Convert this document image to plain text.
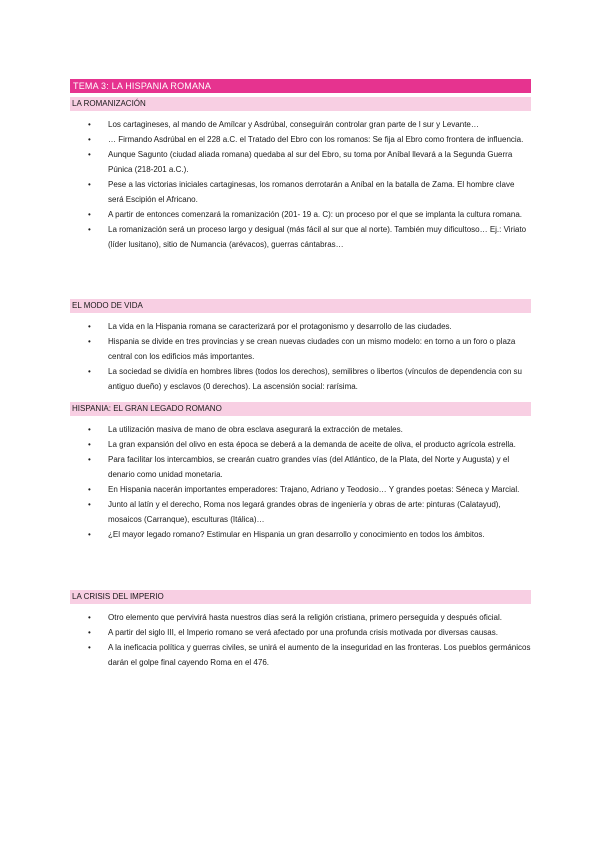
TEMA 3: LA HISPANIA ROMANA
LA ROMANIZACIÓN
• Los cartagineses, al mando de Amílcar y Asdrúbal, conseguirán controlar gran parte de l sur y Levante…
• … Firmando Asdrúbal en el 228 a.C. el Tratado del Ebro con los romanos: Se fija al Ebro como frontera de influencia.
• Aunque Sagunto (ciudad aliada romana) quedaba al sur del Ebro, su toma por Aníbal llevará a la Segunda Guerra Púnica (218-201 a.C.).
• Pese a las victorias iniciales cartaginesas, los romanos derrotarán a Aníbal en la batalla de Zama. El hombre clave será Escipión el Africano.
• A partir de entonces comenzará la romanización (201- 19 a. C): un proceso por el que se implanta la cultura romana.
• La romanización será un proceso largo y desigual (más fácil al sur que al norte). También muy dificultoso… Ej.: Viriato (líder lusitano), sitio de Numancia (arévacos), guerras cántabras…
EL MODO DE VIDA
• La vida en la Hispania romana se caracterizará por el protagonismo y desarrollo de las ciudades.
• Hispania se divide en tres provincias y se crean nuevas ciudades con un mismo modelo: en torno a un foro o plaza central con los edificios más importantes.
• La sociedad se dividía en hombres libres (todos los derechos), semilibres o libertos (vínculos de dependencia con su antiguo dueño) y esclavos (0 derechos). La ascensión social: rarísima.
HISPANIA: EL GRAN LEGADO ROMANO
• La utilización masiva de mano de obra esclava asegurará la extracción de metales.
• La gran expansión del olivo en esta época se deberá a la demanda de aceite de oliva, el producto agrícola estrella.
• Para facilitar los intercambios, se crearán cuatro grandes vías (del Atlántico, de la Plata, del Norte y Augusta) y el denario como unidad monetaria.
• En Hispania nacerán importantes emperadores: Trajano, Adriano y Teodosio… Y grandes poetas: Séneca y Marcial.
• Junto al latín y el derecho, Roma nos legará grandes obras de ingeniería y obras de arte: pinturas (Calatayud), mosaicos (Carranque), esculturas (Itálica)…
• ¿El mayor legado romano? Estimular en Hispania un gran desarrollo y conocimiento en todos los ámbitos.
LA CRISIS DEL IMPERIO
• Otro elemento que pervivirá hasta nuestros días será la religión cristiana, primero perseguida y después oficial.
• A partir del siglo III, el Imperio romano se verá afectado por una profunda crisis motivada por diversas causas.
• A la ineficacia política y guerras civiles, se unirá el aumento de la inseguridad en las fronteras. Los pueblos germánicos darán el golpe final cayendo Roma en el 476.
